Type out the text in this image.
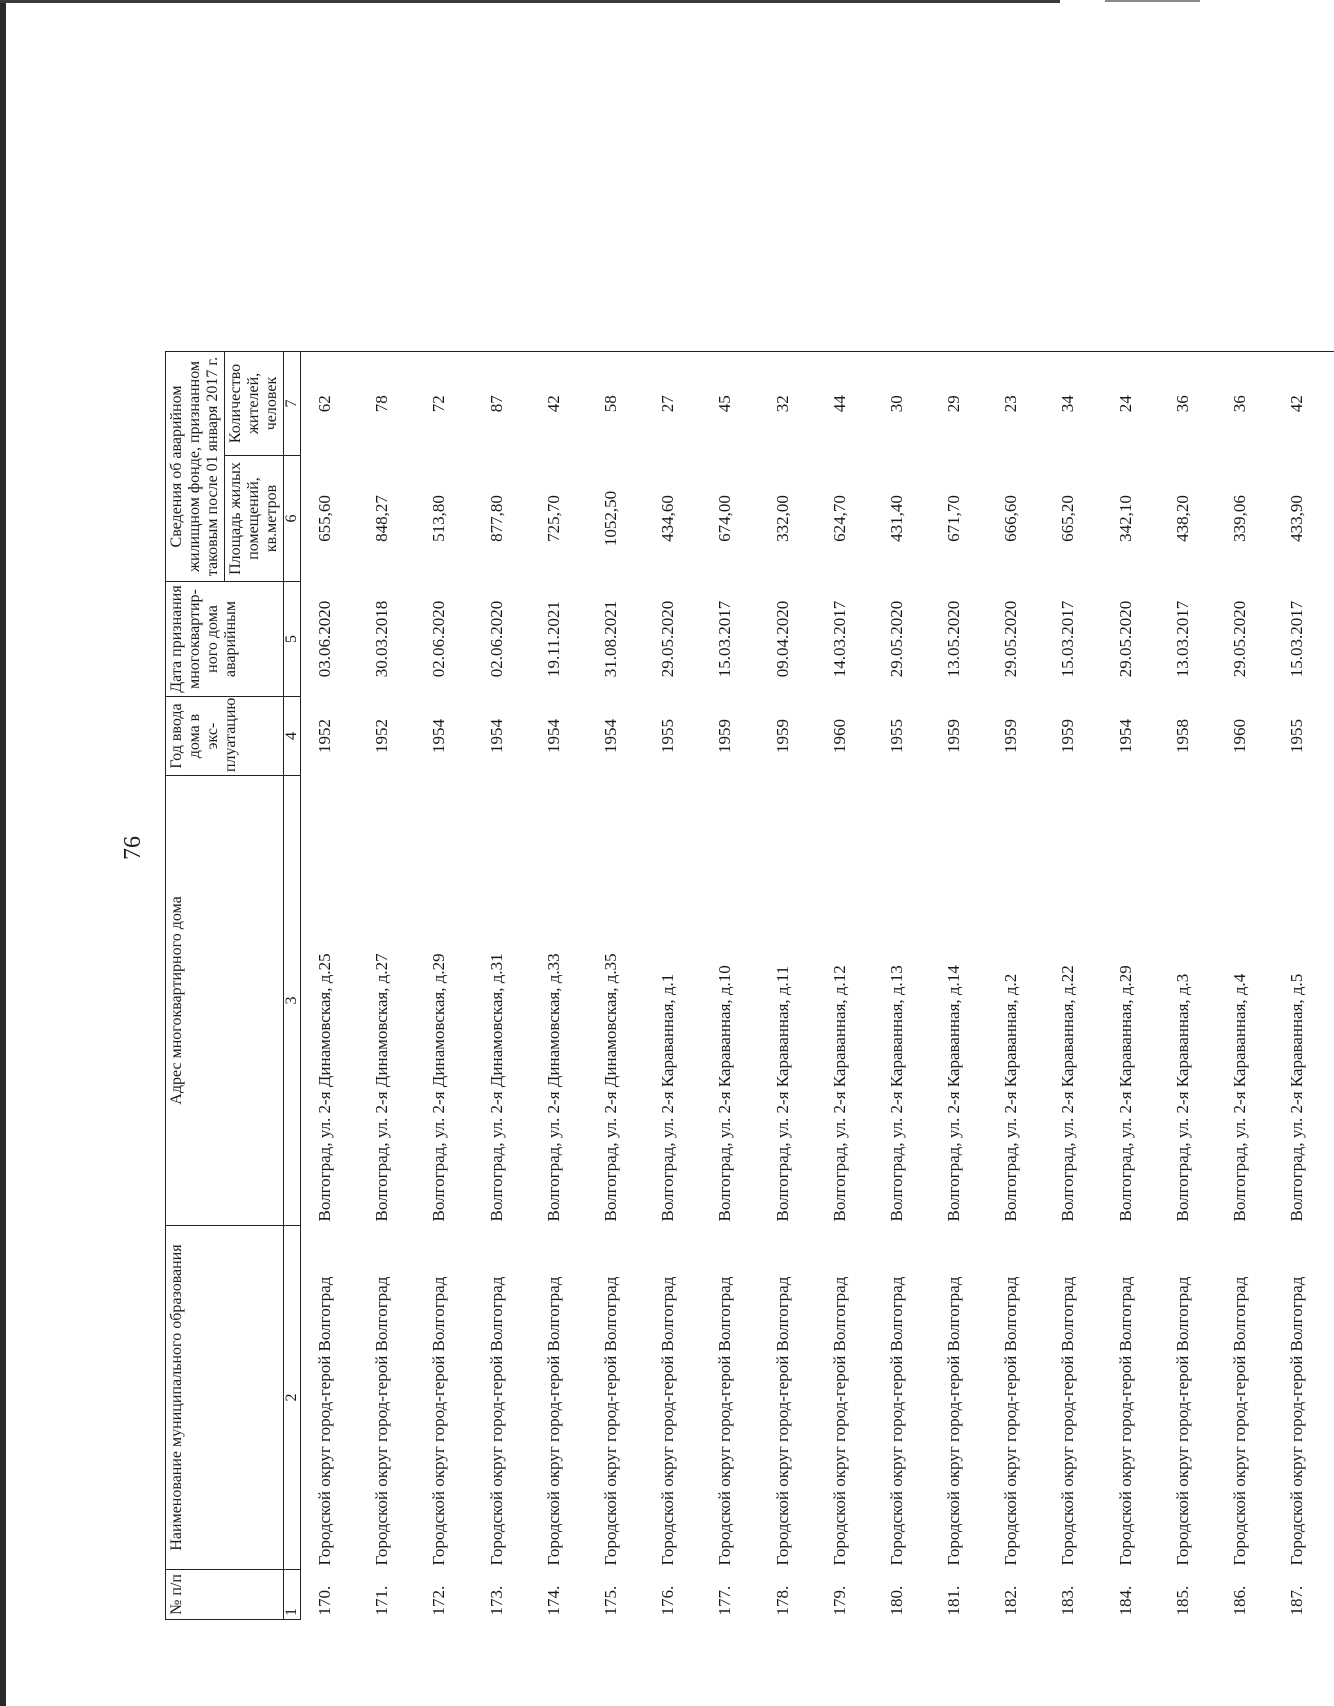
76
№ п/п	Наименование муниципального образования	Адрес многоквартирного дома	Год ввода дома в экс-плуатацию	Дата признания многоквартир-ного дома аварийным	Сведения об аварийном жилищном фонде, признанном таковым после 01 января 2017 г.		
					Площадь жилых помещений, кв.метров	Количество жителей, человек	
1	2	3	4	5	6	7	
170.	Городской округ город-герой Волгоград	Волгоград, ул. 2-я Динамовская, д.25	1952	03.06.2020	655,60	62	
171.	Городской округ город-герой Волгоград	Волгоград, ул. 2-я Динамовская, д.27	1952	30.03.2018	848,27	78	
172.	Городской округ город-герой Волгоград	Волгоград, ул. 2-я Динамовская, д.29	1954	02.06.2020	513,80	72	
173.	Городской округ город-герой Волгоград	Волгоград, ул. 2-я Динамовская, д.31	1954	02.06.2020	877,80	87	
174.	Городской округ город-герой Волгоград	Волгоград, ул. 2-я Динамовская, д.33	1954	19.11.2021	725,70	42	
175.	Городской округ город-герой Волгоград	Волгоград, ул. 2-я Динамовская, д.35	1954	31.08.2021	1052,50	58	
176.	Городской округ город-герой Волгоград	Волгоград, ул. 2-я Караванная, д.1	1955	29.05.2020	434,60	27	
177.	Городской округ город-герой Волгоград	Волгоград, ул. 2-я Караванная, д.10	1959	15.03.2017	674,00	45	
178.	Городской округ город-герой Волгоград	Волгоград, ул. 2-я Караванная, д.11	1959	09.04.2020	332,00	32	
179.	Городской округ город-герой Волгоград	Волгоград, ул. 2-я Караванная, д.12	1960	14.03.2017	624,70	44	
180.	Городской округ город-герой Волгоград	Волгоград, ул. 2-я Караванная, д.13	1955	29.05.2020	431,40	30	
181.	Городской округ город-герой Волгоград	Волгоград, ул. 2-я Караванная, д.14	1959	13.05.2020	671,70	29	
182.	Городской округ город-герой Волгоград	Волгоград, ул. 2-я Караванная, д.2	1959	29.05.2020	666,60	23	
183.	Городской округ город-герой Волгоград	Волгоград, ул. 2-я Караванная, д.22	1959	15.03.2017	665,20	34	
184.	Городской округ город-герой Волгоград	Волгоград, ул. 2-я Караванная, д.29	1954	29.05.2020	342,10	24	
185.	Городской округ город-герой Волгоград	Волгоград, ул. 2-я Караванная, д.3	1958	13.03.2017	438,20	36	
186.	Городской округ город-герой Волгоград	Волгоград, ул. 2-я Караванная, д.4	1960	29.05.2020	339,06	36	
187.	Городской округ город-герой Волгоград	Волгоград, ул. 2-я Караванная, д.5	1955	15.03.2017	433,90	42	
